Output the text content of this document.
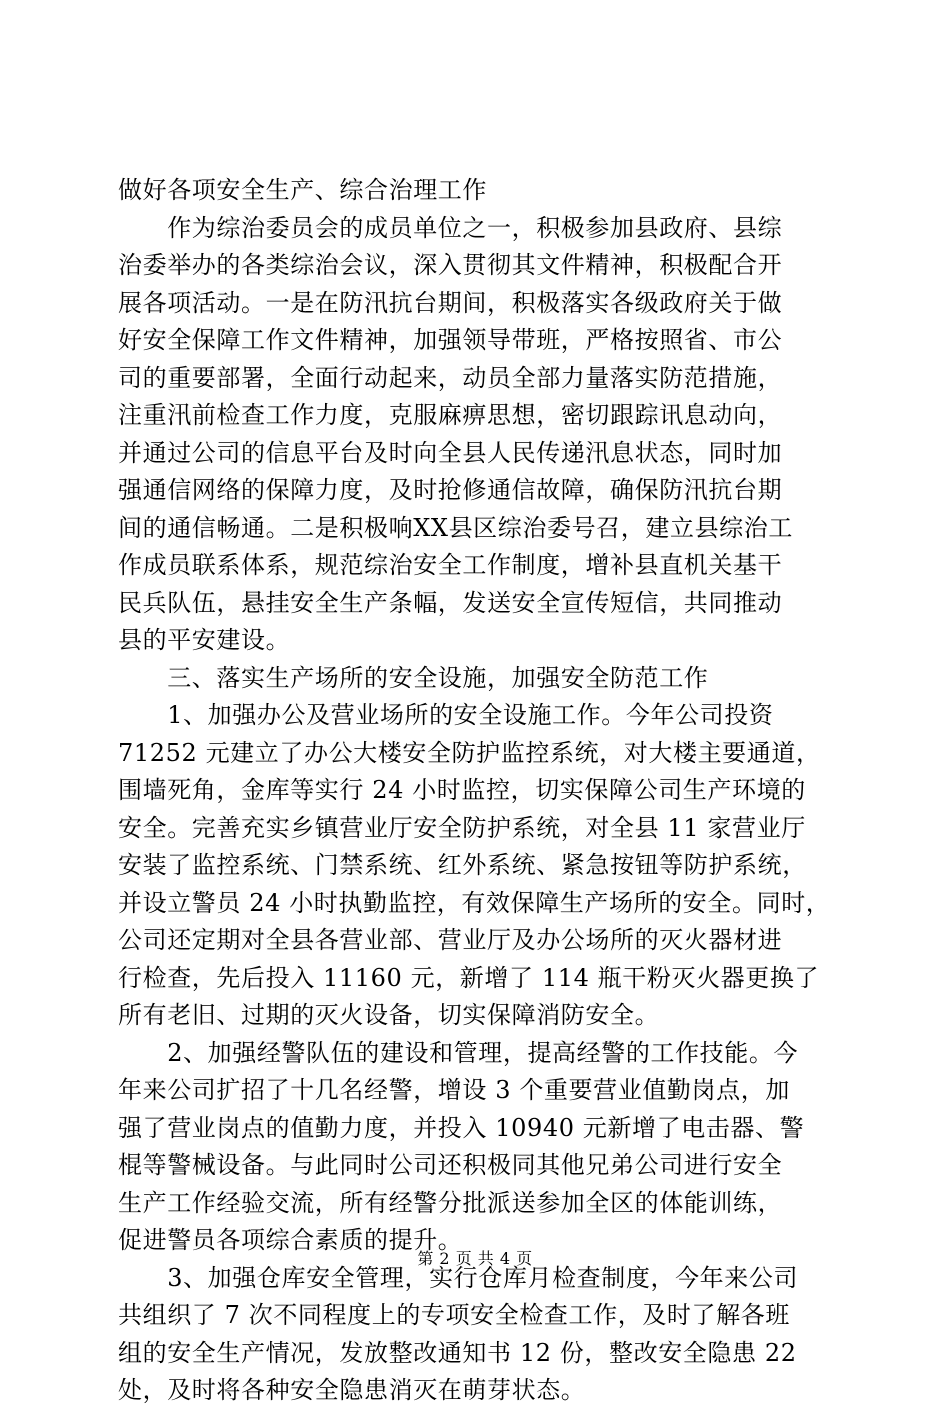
做好各项安全生产、综合治理工作
　　作为综治委员会的成员单位之一，积极参加县政府、县综
治委举办的各类综治会议，深入贯彻其文件精神，积极配合开
展各项活动。一是在防汛抗台期间，积极落实各级政府关于做
好安全保障工作文件精神，加强领导带班，严格按照省、市公
司的重要部署，全面行动起来，动员全部力量落实防范措施，
注重汛前检查工作力度，克服麻痹思想，密切跟踪讯息动向，
并通过公司的信息平台及时向全县人民传递汛息状态，同时加
强通信网络的保障力度，及时抢修通信故障，确保防汛抗台期
间的通信畅通。二是积极响XX县区综治委号召，建立县综治工
作成员联系体系，规范综治安全工作制度，增补县直机关基干
民兵队伍，悬挂安全生产条幅，发送安全宣传短信，共同推动
县的平安建设。
　　三、落实生产场所的安全设施，加强安全防范工作
　　1、加强办公及营业场所的安全设施工作。今年公司投资
71252 元建立了办公大楼安全防护监控系统，对大楼主要通道，
围墙死角，金库等实行 24 小时监控，切实保障公司生产环境的
安全。完善充实乡镇营业厅安全防护系统，对全县 11 家营业厅
安装了监控系统、门禁系统、红外系统、紧急按钮等防护系统，
并设立警员 24 小时执勤监控，有效保障生产场所的安全。同时，
公司还定期对全县各营业部、营业厅及办公场所的灭火器材进
行检查，先后投入 11160 元，新增了 114 瓶干粉灭火器更换了
所有老旧、过期的灭火设备，切实保障消防安全。
　　2、加强经警队伍的建设和管理，提高经警的工作技能。今
年来公司扩招了十几名经警，增设 3 个重要营业值勤岗点，加
强了营业岗点的值勤力度，并投入 10940 元新增了电击器、警
棍等警械设备。与此同时公司还积极同其他兄弟公司进行安全
生产工作经验交流，所有经警分批派送参加全区的体能训练，
促进警员各项综合素质的提升。
　　3、加强仓库安全管理，实行仓库月检查制度，今年来公司
共组织了 7 次不同程度上的专项安全检查工作，及时了解各班
组的安全生产情况，发放整改通知书 12 份，整改安全隐患 22
处，及时将各种安全隐患消灭在萌芽状态。
第 2 页 共 4 页
